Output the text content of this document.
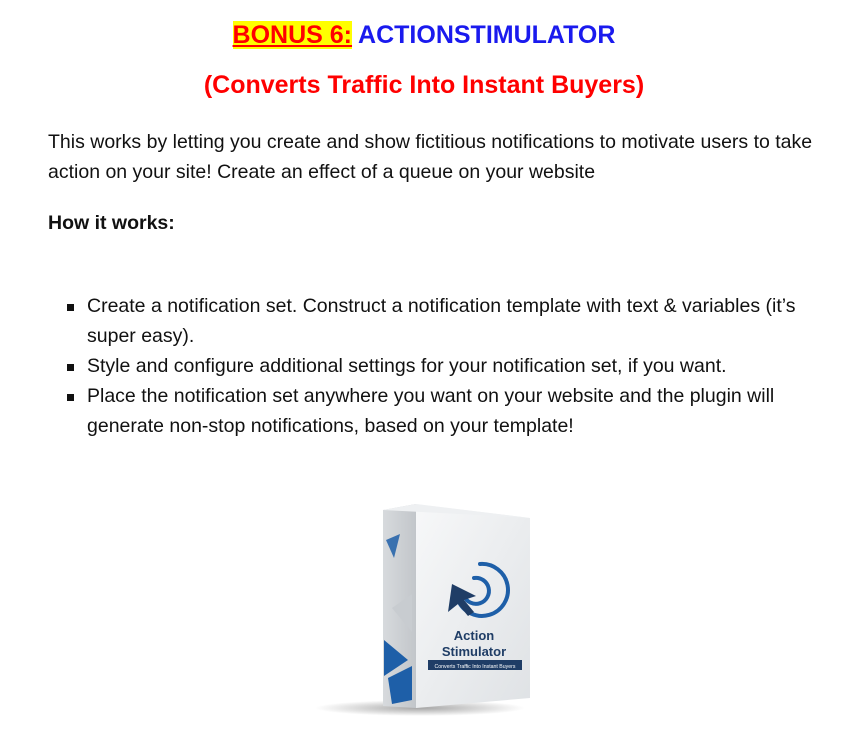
BONUS 6: ACTIONSTIMULATOR
(Converts Traffic Into Instant Buyers)

This works by letting you create and show fictitious notifications to motivate users to take action on your site! Create an effect of a queue on your website

How it works:

Create a notification set. Construct a notification template with text & variables (it’s super easy).
Style and configure additional settings for your notification set, if you want.
Place the notification set anywhere you want on your website and the plugin will generate non-stop notifications, based on your template!
Action
Stimulator
Converts Traffic Into Instant Buyers
